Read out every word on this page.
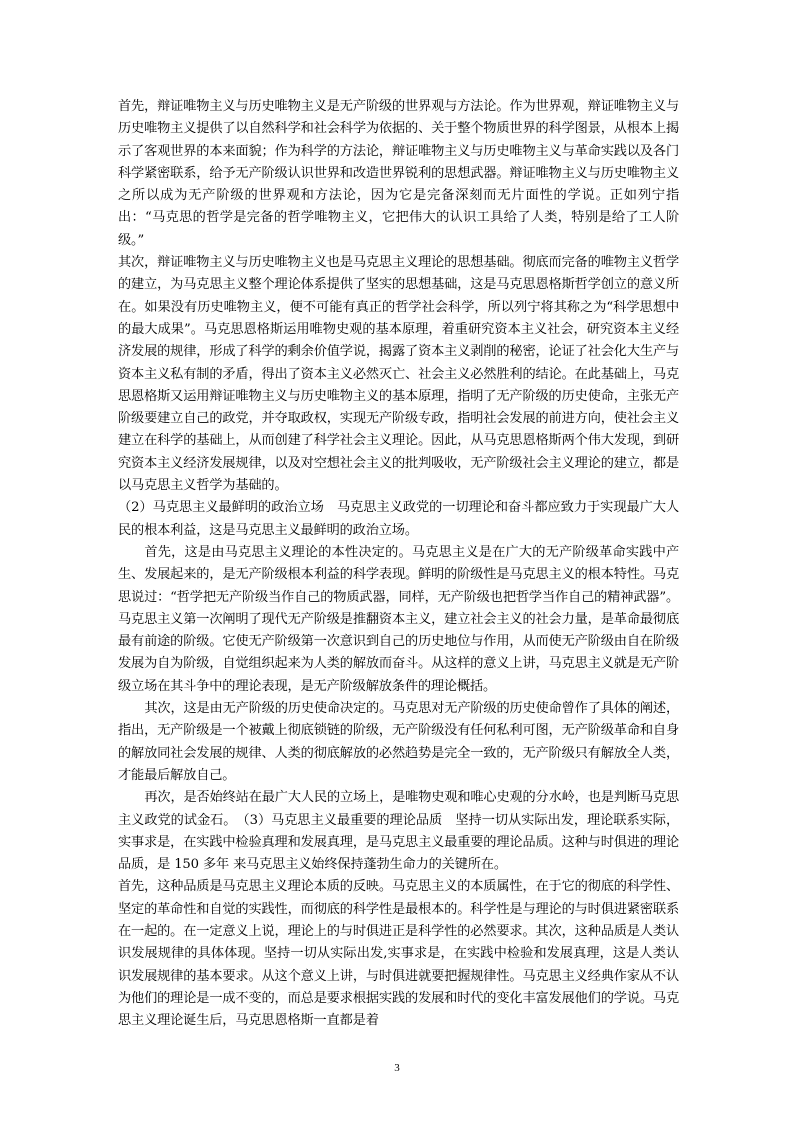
首先，辩证唯物主义与历史唯物主义是无产阶级的世界观与方法论。作为世界观，辩证唯物主义与历史唯物主义提供了以自然科学和社会科学为依据的、关于整个物质世界的科学图景，从根本上揭示了客观世界的本来面貌；作为科学的方法论，辩证唯物主义与历史唯物主义与革命实践以及各门科学紧密联系，给予无产阶级认识世界和改造世界锐利的思想武器。辩证唯物主义与历史唯物主义之所以成为无产阶级的世界观和方法论，因为它是完备深刻而无片面性的学说。正如列宁指出：“马克思的哲学是完备的哲学唯物主义，它把伟大的认识工具给了人类，特别是给了工人阶级。”

其次，辩证唯物主义与历史唯物主义也是马克思主义理论的思想基础。彻底而完备的唯物主义哲学的建立，为马克思主义整个理论体系提供了坚实的思想基础，这是马克思恩格斯哲学创立的意义所在。如果没有历史唯物主义，便不可能有真正的哲学社会科学，所以列宁将其称之为“科学思想中的最大成果”。马克思恩格斯运用唯物史观的基本原理，着重研究资本主义社会，研究资本主义经济发展的规律，形成了科学的剩余价值学说，揭露了资本主义剥削的秘密，论证了社会化大生产与资本主义私有制的矛盾，得出了资本主义必然灭亡、社会主义必然胜利的结论。在此基础上，马克思恩格斯又运用辩证唯物主义与历史唯物主义的基本原理，指明了无产阶级的历史使命，主张无产阶级要建立自己的政党，并夺取政权，实现无产阶级专政，指明社会发展的前进方向，使社会主义建立在科学的基础上，从而创建了科学社会主义理论。因此，从马克思恩格斯两个伟大发现，到研究资本主义经济发展规律，以及对空想社会主义的批判吸收，无产阶级社会主义理论的建立，都是以马克思主义哲学为基础的。

（2）马克思主义最鲜明的政治立场　马克思主义政党的一切理论和奋斗都应致力于实现最广大人民的根本利益，这是马克思主义最鲜明的政治立场。

首先，这是由马克思主义理论的本性决定的。马克思主义是在广大的无产阶级革命实践中产生、发展起来的，是无产阶级根本利益的科学表现。鲜明的阶级性是马克思主义的根本特性。马克思说过：“哲学把无产阶级当作自己的物质武器，同样，无产阶级也把哲学当作自己的精神武器”。马克思主义第一次阐明了现代无产阶级是推翻资本主义，建立社会主义的社会力量，是革命最彻底最有前途的阶级。它使无产阶级第一次意识到自己的历史地位与作用，从而使无产阶级由自在阶级发展为自为阶级，自觉组织起来为人类的解放而奋斗。从这样的意义上讲，马克思主义就是无产阶级立场在其斗争中的理论表现，是无产阶级解放条件的理论概括。

其次，这是由无产阶级的历史使命决定的。马克思对无产阶级的历史使命曾作了具体的阐述，指出，无产阶级是一个被戴上彻底锁链的阶级，无产阶级没有任何私利可图，无产阶级革命和自身的解放同社会发展的规律、人类的彻底解放的必然趋势是完全一致的，无产阶级只有解放全人类，才能最后解放自己。

再次，是否始终站在最广大人民的立场上，是唯物史观和唯心史观的分水岭，也是判断马克思主义政党的试金石。　（3）马克思主义最重要的理论品质　坚持一切从实际出发，理论联系实际，实事求是，在实践中检验真理和发展真理，是马克思主义最重要的理论品质。这种与时俱进的理论品质，是 150 多年 来马克思主义始终保持蓬勃生命力的关键所在。

首先，这种品质是马克思主义理论本质的反映。马克思主义的本质属性，在于它的彻底的科学性、坚定的革命性和自觉的实践性，而彻底的科学性是最根本的。科学性是与理论的与时俱进紧密联系在一起的。在一定意义上说，理论上的与时俱进正是科学性的必然要求。其次，这种品质是人类认识发展规律的具体体现。坚持一切从实际出发,实事求是，在实践中检验和发展真理，这是人类认识发展规律的基本要求。从这个意义上讲，与时俱进就要把握规律性。马克思主义经典作家从不认为他们的理论是一成不变的，而总是要求根据实践的发展和时代的变化丰富发展他们的学说。马克思主义理论诞生后，马克思恩格斯一直都是着

3
